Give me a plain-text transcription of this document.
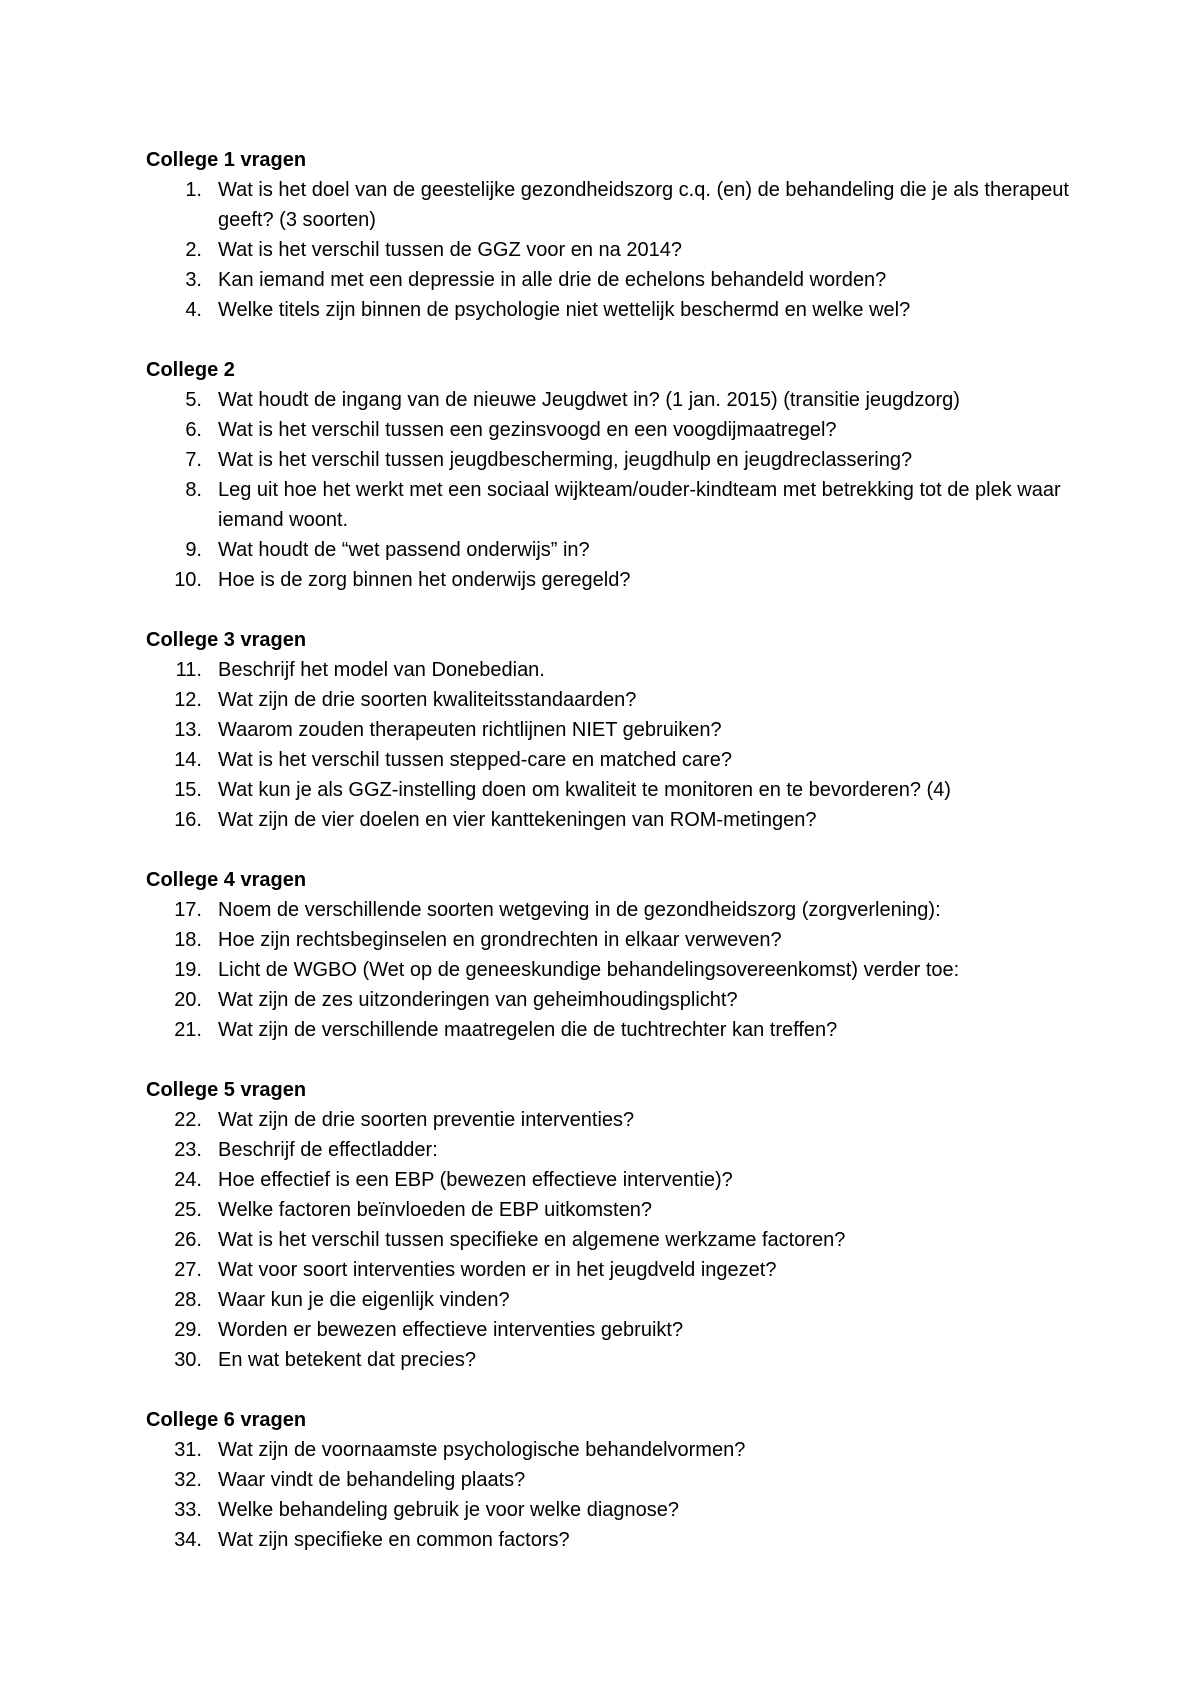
College 1 vragen
1. Wat is het doel van de geestelijke gezondheidszorg c.q. (en) de behandeling die je als therapeut geeft? (3 soorten)
2. Wat is het verschil tussen de GGZ voor en na 2014?
3. Kan iemand met een depressie in alle drie de echelons behandeld worden?
4. Welke titels zijn binnen de psychologie niet wettelijk beschermd en welke wel?
College 2
5. Wat houdt de ingang van de nieuwe Jeugdwet in? (1 jan. 2015) (transitie jeugdzorg)
6. Wat is het verschil tussen een gezinsvoogd en een voogdijmaatregel?
7. Wat is het verschil tussen jeugdbescherming, jeugdhulp en jeugdreclassering?
8. Leg uit hoe het werkt met een sociaal wijkteam/ouder-kindteam met betrekking tot de plek waar iemand woont.
9. Wat houdt de “wet passend onderwijs” in?
10. Hoe is de zorg binnen het onderwijs geregeld?
College 3 vragen
11. Beschrijf het model van Donebedian.
12. Wat zijn de drie soorten kwaliteitsstandaarden?
13. Waarom zouden therapeuten richtlijnen NIET gebruiken?
14. Wat is het verschil tussen stepped-care en matched care?
15. Wat kun je als GGZ-instelling doen om kwaliteit te monitoren en te bevorderen? (4)
16. Wat zijn de vier doelen en vier kanttekeningen van ROM-metingen?
College 4 vragen
17. Noem de verschillende soorten wetgeving in de gezondheidszorg (zorgverlening):
18. Hoe zijn rechtsbeginselen en grondrechten in elkaar verweven?
19. Licht de WGBO (Wet op de geneeskundige behandelingsovereenkomst) verder toe:
20. Wat zijn de zes uitzonderingen van geheimhoudingsplicht?
21. Wat zijn de verschillende maatregelen die de tuchtrechter kan treffen?
College 5 vragen
22. Wat zijn de drie soorten preventie interventies?
23. Beschrijf de effectladder:
24. Hoe effectief is een EBP (bewezen effectieve interventie)?
25. Welke factoren beïnvloeden de EBP uitkomsten?
26. Wat is het verschil tussen specifieke en algemene werkzame factoren?
27. Wat voor soort interventies worden er in het jeugdveld ingezet?
28. Waar kun je die eigenlijk vinden?
29. Worden er bewezen effectieve interventies gebruikt?
30. En wat betekent dat precies?
College 6 vragen
31. Wat zijn de voornaamste psychologische behandelvormen?
32. Waar vindt de behandeling plaats?
33. Welke behandeling gebruik je voor welke diagnose?
34. Wat zijn specifieke en common factors?
